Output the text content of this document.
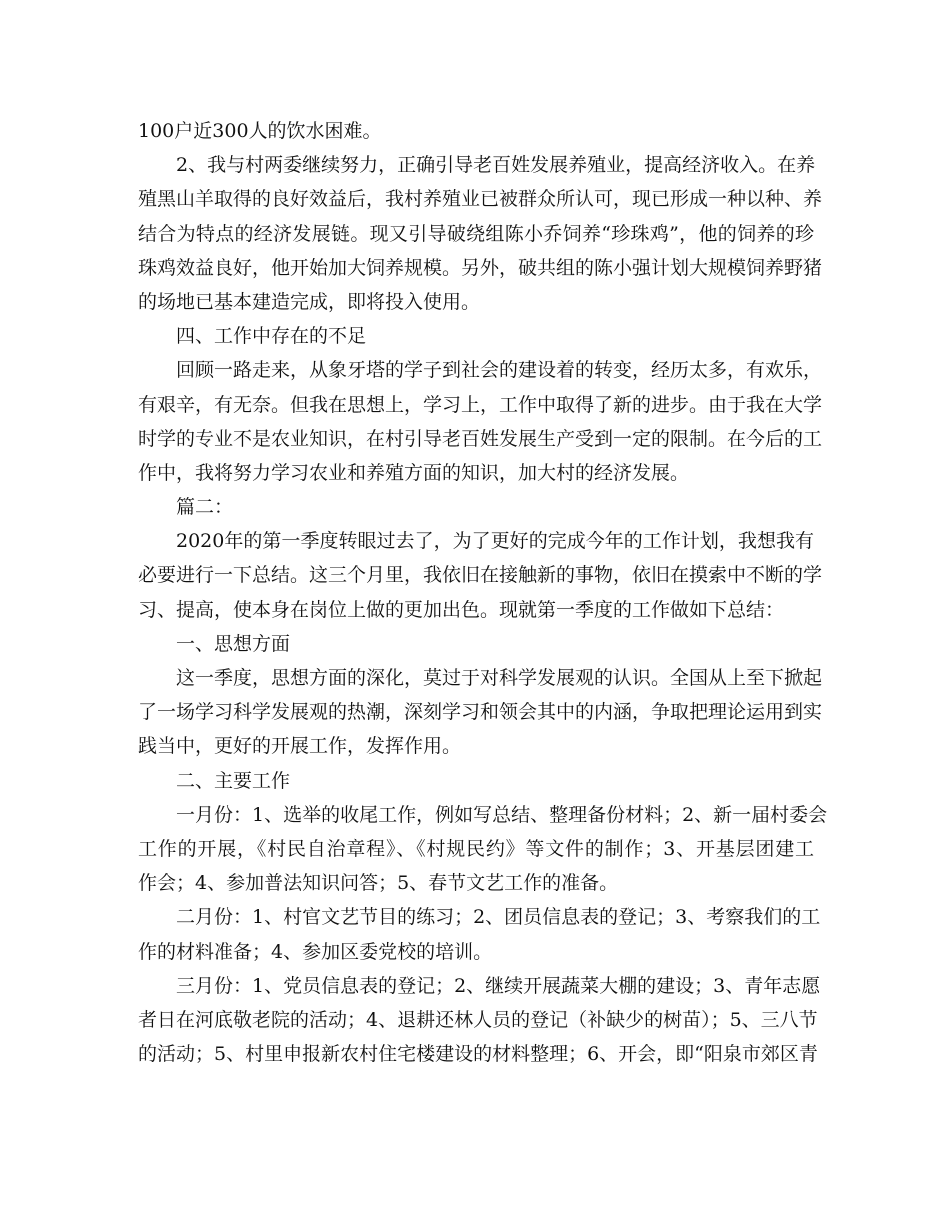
100户近300人的饮水困难。
2、我与村两委继续努力，正确引导老百姓发展养殖业，提高经济收入。在养
殖黑山羊取得的良好效益后，我村养殖业已被群众所认可，现已形成一种以种、养
结合为特点的经济发展链。现又引导破绕组陈小乔饲养“珍珠鸡”，他的饲养的珍
珠鸡效益良好，他开始加大饲养规模。另外，破共组的陈小强计划大规模饲养野猪
的场地已基本建造完成，即将投入使用。
四、工作中存在的不足
回顾一路走来，从象牙塔的学子到社会的建设着的转变，经历太多，有欢乐，
有艰辛，有无奈。但我在思想上，学习上，工作中取得了新的进步。由于我在大学
时学的专业不是农业知识，在村引导老百姓发展生产受到一定的限制。在今后的工
作中，我将努力学习农业和养殖方面的知识，加大村的经济发展。
篇二：
2020年的第一季度转眼过去了，为了更好的完成今年的工作计划，我想我有
必要进行一下总结。这三个月里，我依旧在接触新的事物，依旧在摸索中不断的学
习、提高，使本身在岗位上做的更加出色。现就第一季度的工作做如下总结：
一、思想方面
这一季度，思想方面的深化，莫过于对科学发展观的认识。全国从上至下掀起
了一场学习科学发展观的热潮，深刻学习和领会其中的内涵，争取把理论运用到实
践当中，更好的开展工作，发挥作用。
二、主要工作
一月份：1、选举的收尾工作，例如写总结、整理备份材料；2、新一届村委会
工作的开展，《村民自治章程》、《村规民约》等文件的制作；3、开基层团建工
作会；4、参加普法知识问答；5、春节文艺工作的准备。
二月份：1、村官文艺节目的练习；2、团员信息表的登记；3、考察我们的工
作的材料准备；4、参加区委党校的培训。
三月份：1、党员信息表的登记；2、继续开展蔬菜大棚的建设；3、青年志愿
者日在河底敬老院的活动；4、退耕还林人员的登记（补缺少的树苗）；5、三八节
的活动；5、村里申报新农村住宅楼建设的材料整理；6、开会，即“阳泉市郊区青
